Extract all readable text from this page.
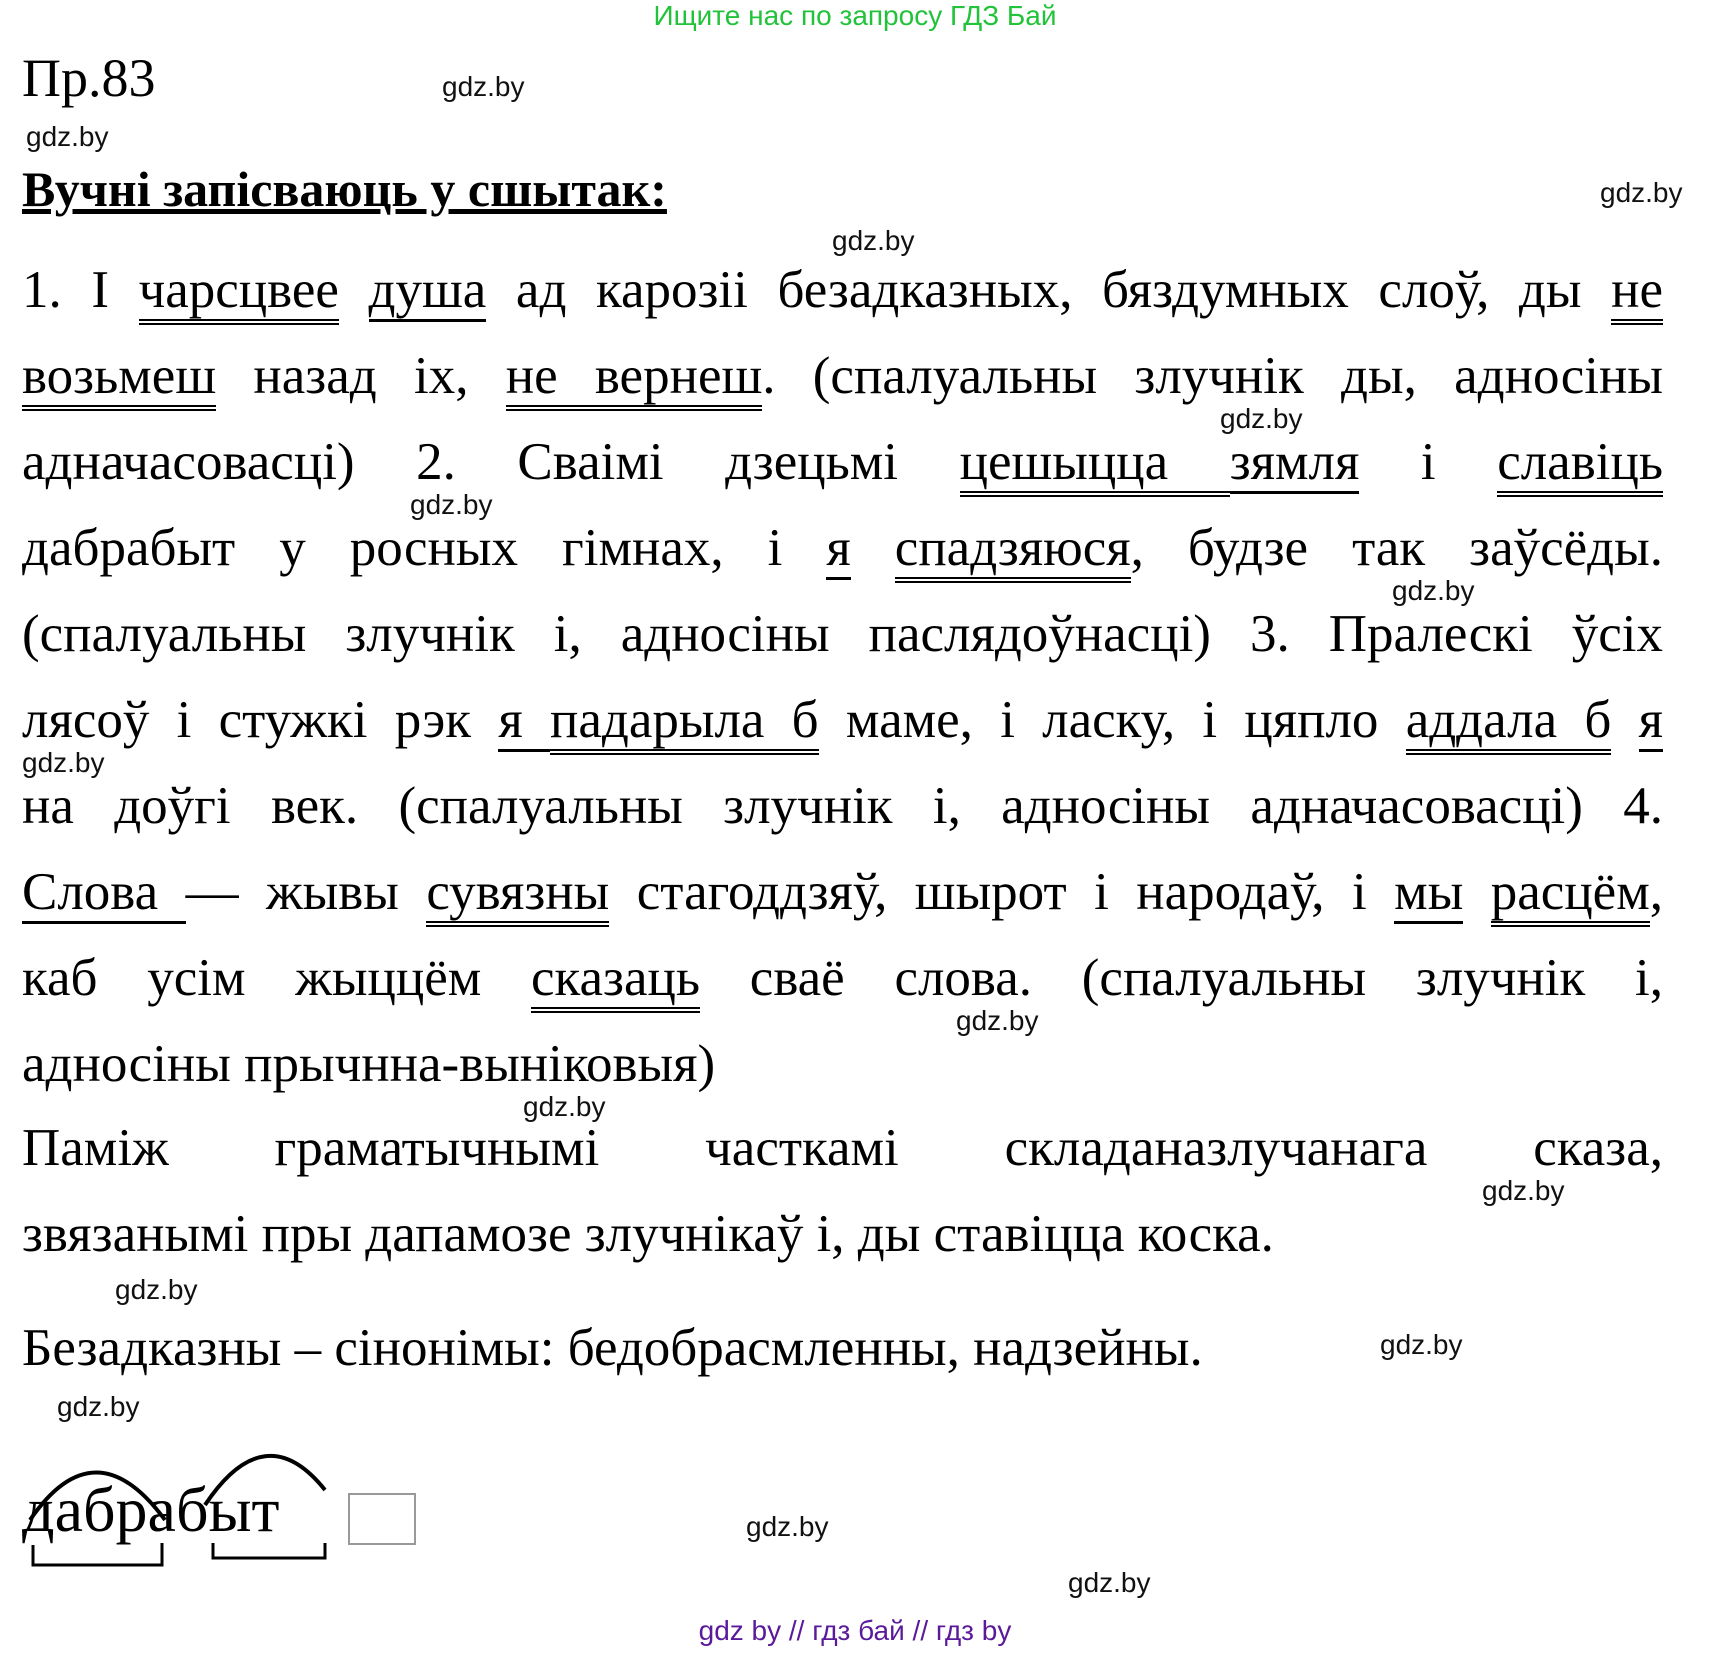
Ищите нас по запросу ГДЗ Бай
Пр.83
Вучні запісваюць у сшытак:
1. І чарсцвее душа ад карозіі безадказных, бяздумных слоў, ды не
возьмеш назад іх, не вернеш. (спалуальны злучнік ды, адносіны
адначасовасці) 2. Сваімі дзецьмі цешыцца зямля і славіць
дабрабыт у росных гімнах, і я спадзяюся, будзе так заўсёды.
(спалуальны злучнік і, адносіны паслядоўнасці) 3. Пралескі ўсіх
лясоў і стужкі рэк я падарыла б маме, і ласку, і цяпло аддала б я
на доўгі век. (спалуальны злучнік і, адносіны адначасовасці) 4.
Слова — жывы сувязны стагоддзяў, шырот і народаў, і мы расцём,
каб усім жыццём сказаць сваё слова. (спалуальны злучнік і,
адносіны прычнна-выніковыя)
Паміж граматычнымі часткамі складаназлучанага сказа,
звязанымі пры дапамозе злучнікаў і, ды ставіцца коска.
Безадказны – сінонімы: бедобрасмленны, надзейны.
дабрабыт
gdz.by
gdz.by
gdz.by
gdz.by
gdz.by
gdz.by
gdz.by
gdz.by
gdz.by
gdz.by
gdz.by
gdz.by
gdz.by
gdz.by
gdz.by
gdz.by
gdz by // гдз бай // гдз by
